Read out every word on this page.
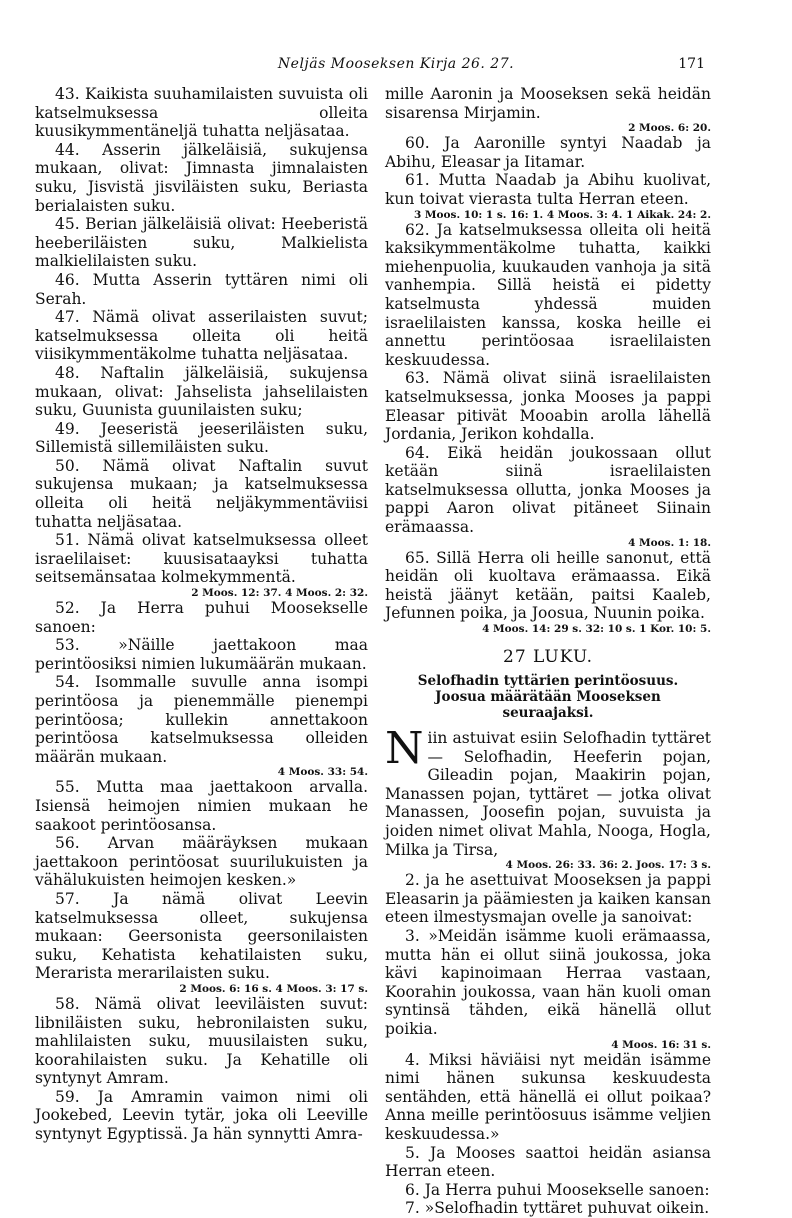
Neljäs Mooseksen Kirja 26. 27.	171

43. Kaikista suuhamilaisten suvuista oli katselmuksessa olleita kuusikymmentäneljä tuhatta neljäsataa.

44. Asserin jälkeläisiä, sukujensa mukaan, olivat: Jimnasta jimnalaisten suku, Jisvistä jisviläisten suku, Beriasta berialaisten suku.

45. Berian jälkeläisiä olivat: Heeberistä heeberiläisten suku, Malkielista malkielilaisten suku.

46. Mutta Asserin tyttären nimi oli Serah.

47. Nämä olivat asserilaisten suvut; katselmuksessa olleita oli heitä viisikymmentäkolme tuhatta neljäsataa.

48. Naftalin jälkeläisiä, sukujensa mukaan, olivat: Jahselista jahselilaisten suku, Guunista guunilaisten suku;

49. Jeeseristä jeeseriläisten suku, Sillemistä sillemiläisten suku.

50. Nämä olivat Naftalin suvut sukujensa mukaan; ja katselmuksessa olleita oli heitä neljäkymmentäviisi tuhatta neljäsataa.

51. Nämä olivat katselmuksessa olleet israelilaiset: kuusisataayksi tuhatta seitsemänsataa kolmekymmentä.
2 Moos. 12: 37. 4 Moos. 2: 32.

52. Ja Herra puhui Moosekselle sanoen:

53. »Näille jaettakoon maa perintöosiksi nimien lukumäärän mukaan.

54. Isommalle suvulle anna isompi perintöosa ja pienemmälle pienempi perintöosa; kullekin annettakoon perintöosa katselmuksessa olleiden määrän mukaan.
4 Moos. 33: 54.

55. Mutta maa jaettakoon arvalla. Isiensä heimojen nimien mukaan he saakoot perintöosansa.

56. Arvan määräyksen mukaan jaettakoon perintöosat suurilukuisten ja vähälukuisten heimojen kesken.»

57. Ja nämä olivat Leevin katselmuksessa olleet, sukujensa mukaan: Geersonista geersonilaisten suku, Kehatista kehatilaisten suku, Merarista merarilaisten suku.
2 Moos. 6: 16 s. 4 Moos. 3: 17 s.

58. Nämä olivat leeviläisten suvut: libniläisten suku, hebronilaisten suku, mahlilaisten suku, muusilaisten suku, koorahilaisten suku. Ja Kehatille oli syntynyt Amram.

59. Ja Amramin vaimon nimi oli Jookebed, Leevin tytär, joka oli Leeville syntynyt Egyptissä. Ja hän synnytti Amra-

mille Aaronin ja Mooseksen sekä heidän sisarensa Mirjamin.
2 Moos. 6: 20.

60. Ja Aaronille syntyi Naadab ja Abihu, Eleasar ja Iitamar.

61. Mutta Naadab ja Abihu kuolivat, kun toivat vierasta tulta Herran eteen.
3 Moos. 10: 1 s. 16: 1. 4 Moos. 3: 4. 1 Aikak. 24: 2.

62. Ja katselmuksessa olleita oli heitä kaksikymmentäkolme tuhatta, kaikki miehenpuolia, kuukauden vanhoja ja sitä vanhempia. Sillä heistä ei pidetty katselmusta yhdessä muiden israelilaisten kanssa, koska heille ei annettu perintöosaa israelilaisten keskuudessa.

63. Nämä olivat siinä israelilaisten katselmuksessa, jonka Mooses ja pappi Eleasar pitivät Mooabin arolla lähellä Jordania, Jerikon kohdalla.

64. Eikä heidän joukossaan ollut ketään siinä israelilaisten katselmuksessa ollutta, jonka Mooses ja pappi Aaron olivat pitäneet Siinain erämaassa.
4 Moos. 1: 18.

65. Sillä Herra oli heille sanonut, että heidän oli kuoltava erämaassa. Eikä heistä jäänyt ketään, paitsi Kaaleb, Jefunnen poika, ja Joosua, Nuunin poika.
4 Moos. 14: 29 s. 32: 10 s. 1 Kor. 10: 5.

27 LUKU.
Selofhadin tyttärien perintöosuus. Joosua määrätään Mooseksen seuraajaksi.

Niin astuivat esiin Selofhadin tyttäret — Selofhadin, Heeferin pojan, Gileadin pojan, Maakirin pojan, Manassen pojan, tyttäret — jotka olivat Manassen, Joosefin pojan, suvuista ja joiden nimet olivat Mahla, Nooga, Hogla, Milka ja Tirsa,
4 Moos. 26: 33. 36: 2. Joos. 17: 3 s.

2. ja he asettuivat Mooseksen ja pappi Eleasarin ja päämiesten ja kaiken kansan eteen ilmestysmajan ovelle ja sanoivat:

3. »Meidän isämme kuoli erämaassa, mutta hän ei ollut siinä joukossa, joka kävi kapinoimaan Herraa vastaan, Koorahin joukossa, vaan hän kuoli oman syntinsä tähden, eikä hänellä ollut poikia.
4 Moos. 16: 31 s.

4. Miksi häviäisi nyt meidän isämme nimi hänen sukunsa keskuudesta sentähden, että hänellä ei ollut poikaa? Anna meille perintöosuus isämme veljien keskuudessa.»

5. Ja Mooses saattoi heidän asiansa Herran eteen.

6. Ja Herra puhui Moosekselle sanoen:

7. »Selofhadin tyttäret puhuvat oikein.
